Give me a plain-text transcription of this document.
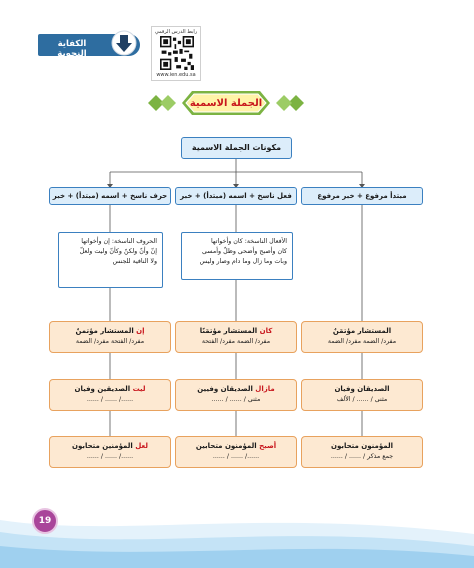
رابط الدرس الرقمي
www.ien.edu.sa
الكفاية النحوية
الجملة الاسمية
مكونات الجملة الاسمية
مبتدأ مرفوع + خبر مرفوع
فعل ناسخ + اسمه (مبتدأ) + خبر
حرف ناسخ + اسمه (مبتدأ) + خبر
الأفعال الناسخة: كان وأخواتها
كان وأصبح وأضحى وظلّ وأمسى
وبات وما زال وما دام وصار وليس
الحروف الناسخة: إن وأخواتها
إنّ وأنّ ولكنّ وكأنّ وليت ولعلّ
ولا النافية للجنس
المستشار مؤتمَنٌ
مفرد/ الضمة مفرد/ الضمة
كان المستشار مؤتمَنًا
مفرد/ الضمة مفرد/ الفتحة
إن المستشار مؤتمنٌ
مفرد/ الفتحة مفرد/ الضمة
الصديقان وفيان
مثنى / ...... / الألف
مازال الصديقان وفيين
مثنى / ...... / ......
ليت الصديقين وفيان
....../ ...... / ......
المؤمنون متحابون
جمع مذكر / ...... / ......
أصبح المؤمنون متحابين
....../ ...... / ......
لعل المؤمنين متحابون
....../ ...... / ......
19
